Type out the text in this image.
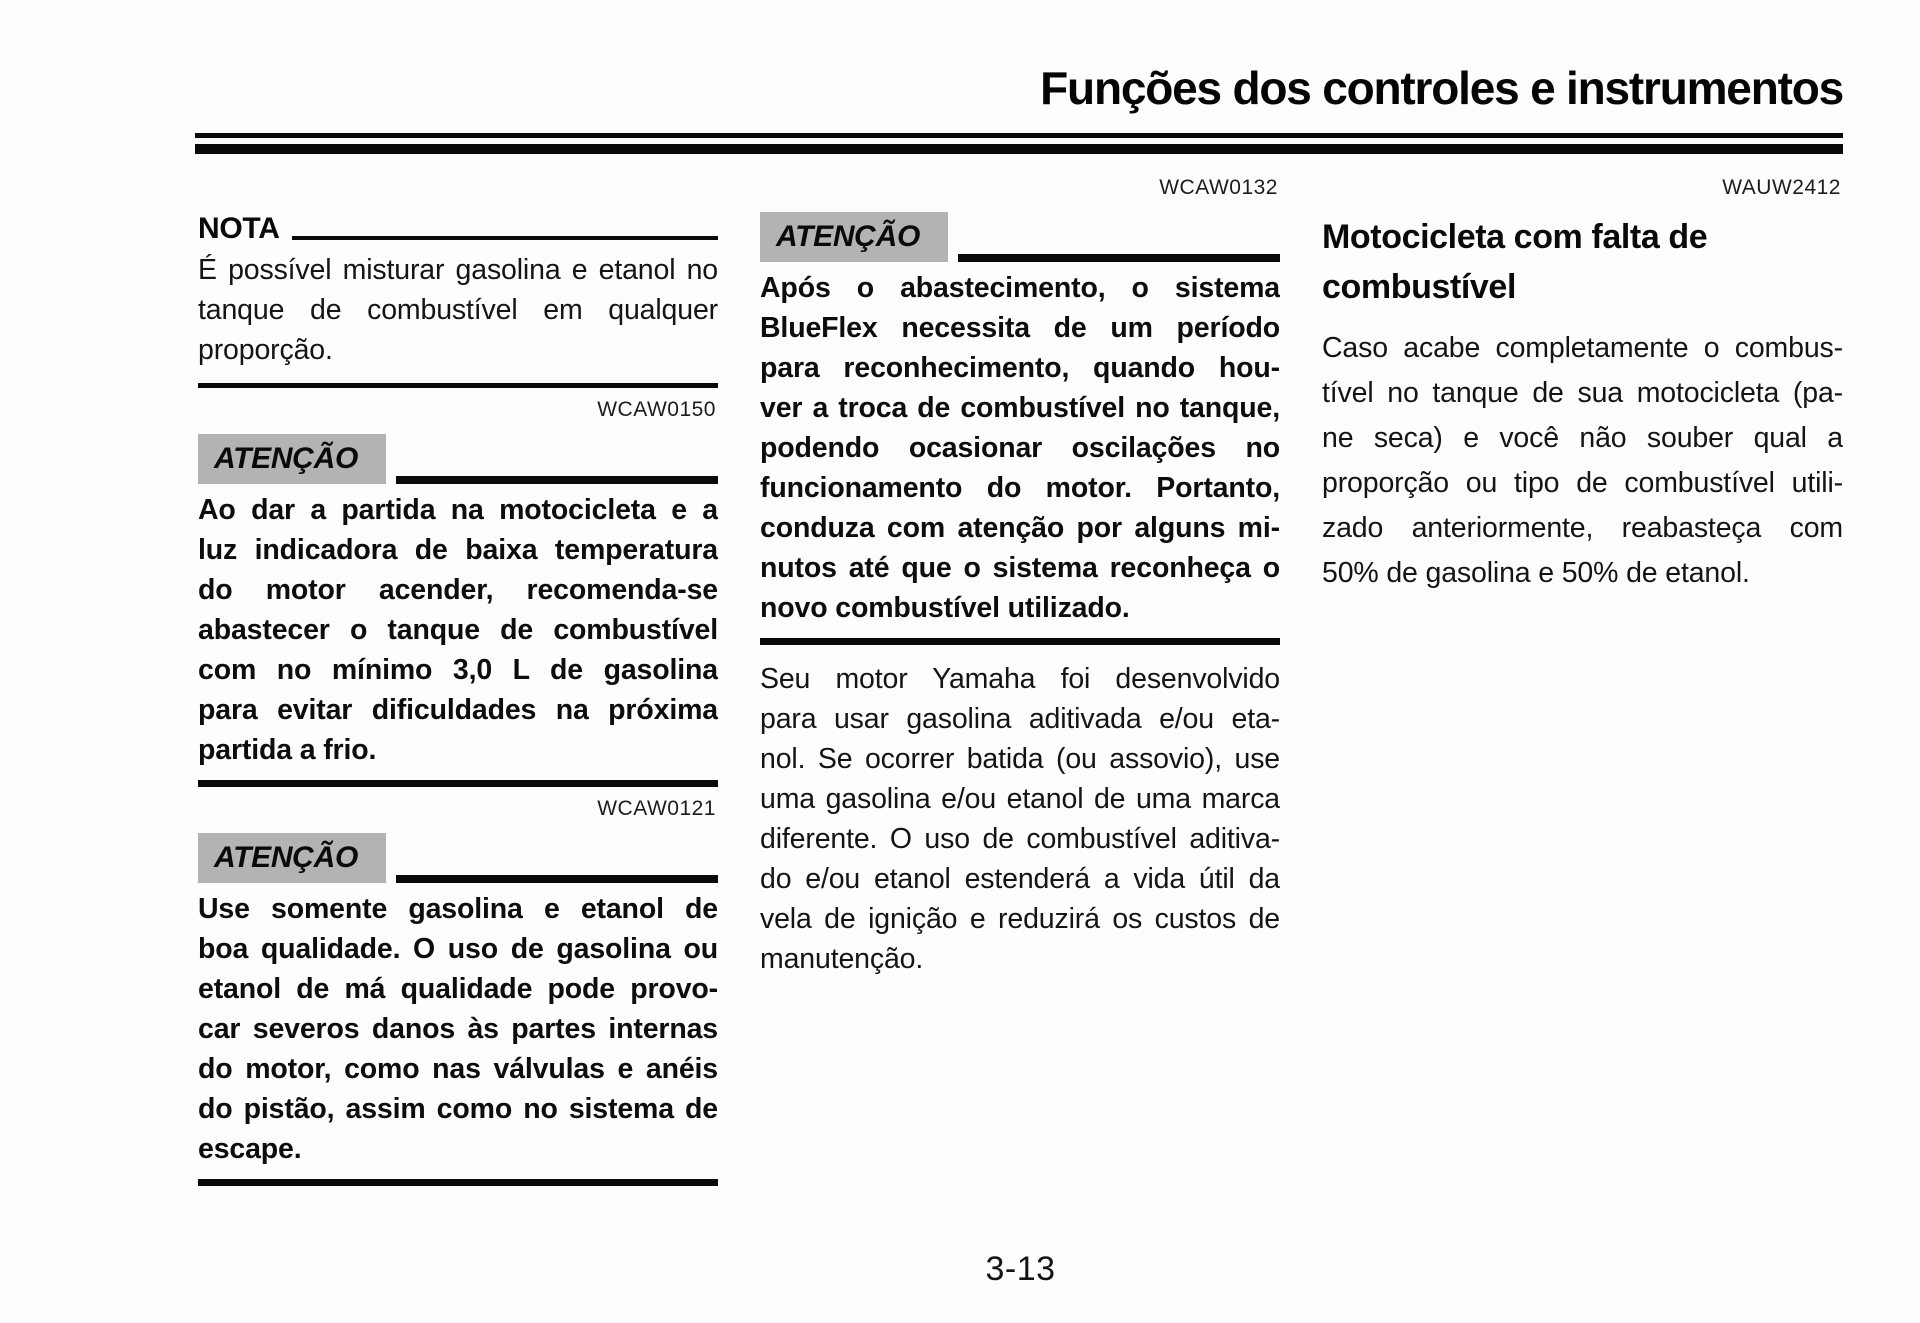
Funções dos controles e instrumentos
NOTA
É possível misturar gasolina e etanol no
tanque de combustível em qualquer
proporção.
WCAW0150
ATENÇÃO
Ao dar a partida na motocicleta e a
luz indicadora de baixa temperatura
do motor acender, recomenda-se
abastecer o tanque de combustível
com no mínimo 3,0 L de gasolina
para evitar dificuldades na próxima
partida a frio.
WCAW0121
ATENÇÃO
Use somente gasolina e etanol de
boa qualidade. O uso de gasolina ou
etanol de má qualidade pode provo-
car severos danos às partes internas
do motor, como nas válvulas e anéis
do pistão, assim como no sistema de
escape.
WCAW0132
ATENÇÃO
Após o abastecimento, o sistema
BlueFlex necessita de um período
para reconhecimento, quando hou-
ver a troca de combustível no tanque,
podendo ocasionar oscilações no
funcionamento do motor. Portanto,
conduza com atenção por alguns mi-
nutos até que o sistema reconheça o
novo combustível utilizado.
Seu motor Yamaha foi desenvolvido
para usar gasolina aditivada e/ou eta-
nol. Se ocorrer batida (ou assovio), use
uma gasolina e/ou etanol de uma marca
diferente. O uso de combustível aditiva-
do e/ou etanol estenderá a vida útil da
vela de ignição e reduzirá os custos de
manutenção.
WAUW2412
Motocicleta com falta de
combustível
Caso acabe completamente o combus-
tível no tanque de sua motocicleta (pa-
ne seca) e você não souber qual a
proporção ou tipo de combustível utili-
zado anteriormente, reabasteça com
50% de gasolina e 50% de etanol.
3-13
